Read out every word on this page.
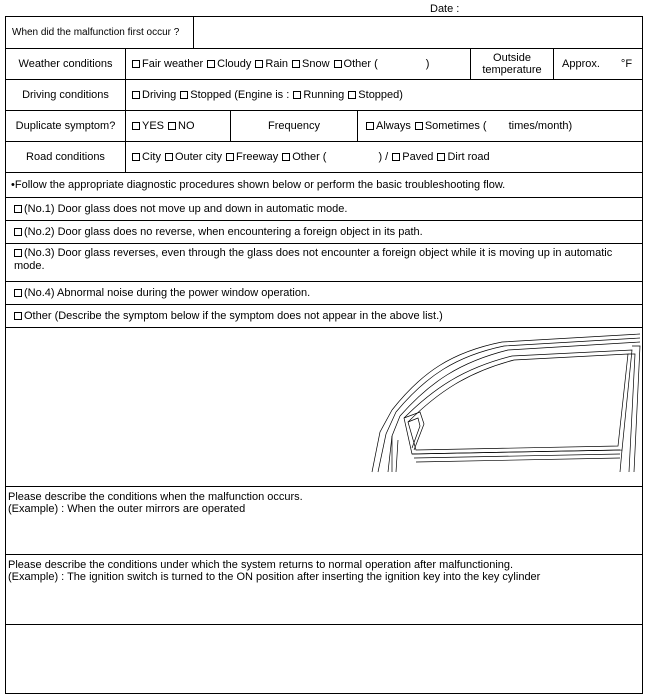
Date :
When did the malfunction first occur ?
Weather conditions	Fair weather	Cloudy	Rain	Snow	Other (	)	Outside temperature	Approx. °F
Driving conditions	Driving	Stopped (Engine is :	Running	Stopped)
Duplicate symptom?	YES	NO	Frequency	Always	Sometimes ( times/month)
Road conditions	City	Outer city	Freeway	Other (	) /	Paved	Dirt road
•Follow the appropriate diagnostic procedures shown below or perform the basic troubleshooting flow.
(No.1) Door glass does not move up and down in automatic mode.
(No.2) Door glass does no reverse, when encountering a foreign object in its path.
(No.3) Door glass reverses, even through the glass does not encounter a foreign object while it is moving up in automatic mode.
(No.4) Abnormal noise during the power window operation.
Other (Describe the symptom below if the symptom does not appear in the above list.)
Please describe the conditions when the malfunction occurs.
(Example) : When the outer mirrors are operated
Please describe the conditions under which the system returns to normal operation after malfunctioning.
(Example) : The ignition switch is turned to the ON position after inserting the ignition key into the key cylinder
